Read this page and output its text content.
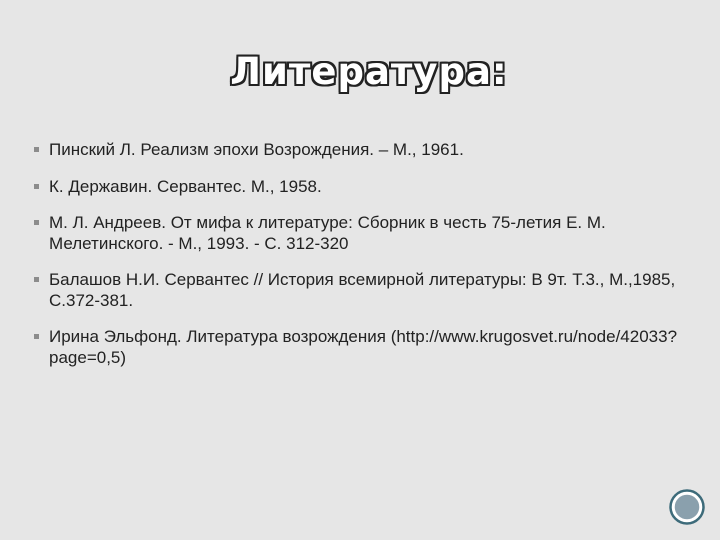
Литература:
Пинский Л. Реализм эпохи Возрождения. – М., 1961.
К. Державин. Сервантес. М., 1958.
М. Л. Андреев. От мифа к литературе: Сборник в честь 75-летия Е. М. Мелетинского. - М., 1993. - С. 312-320
Балашов Н.И. Сервантес // История всемирной литературы: В 9т. Т.3., М.,1985, С.372-381.
Ирина Эльфонд. Литература возрождения (http://www.krugosvet.ru/node/42033?page=0,5)
